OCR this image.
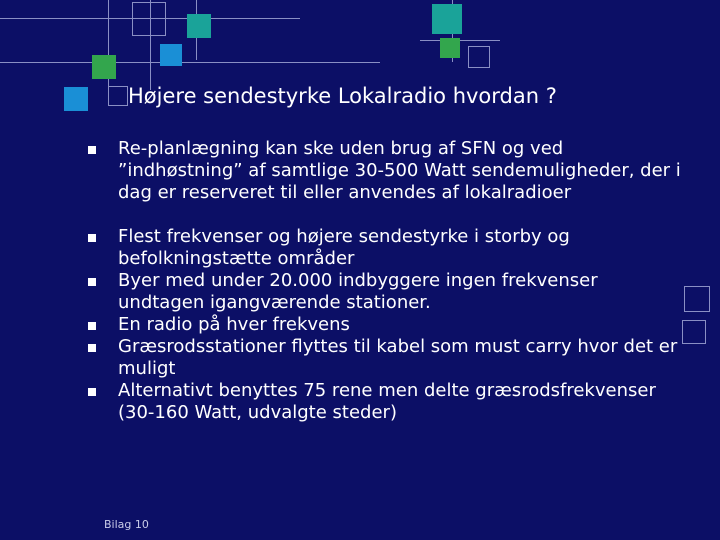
Højere sendestyrke Lokalradio hvordan ?
Re-planlægning kan ske uden brug af SFN og ved ”indhøstning” af samtlige 30-500 Watt sendemuligheder, der i dag er reserveret til eller anvendes af lokalradioer
Flest frekvenser og højere sendestyrke i storby og befolkningstætte områder
Byer med under 20.000 indbyggere ingen frekvenser undtagen igangværende stationer.
En radio på hver frekvens
Græsrodsstationer flyttes til kabel som must carry hvor det er muligt
Alternativt benyttes 75 rene men delte græsrodsfrekvenser (30-160 Watt, udvalgte steder)
Bilag 10
